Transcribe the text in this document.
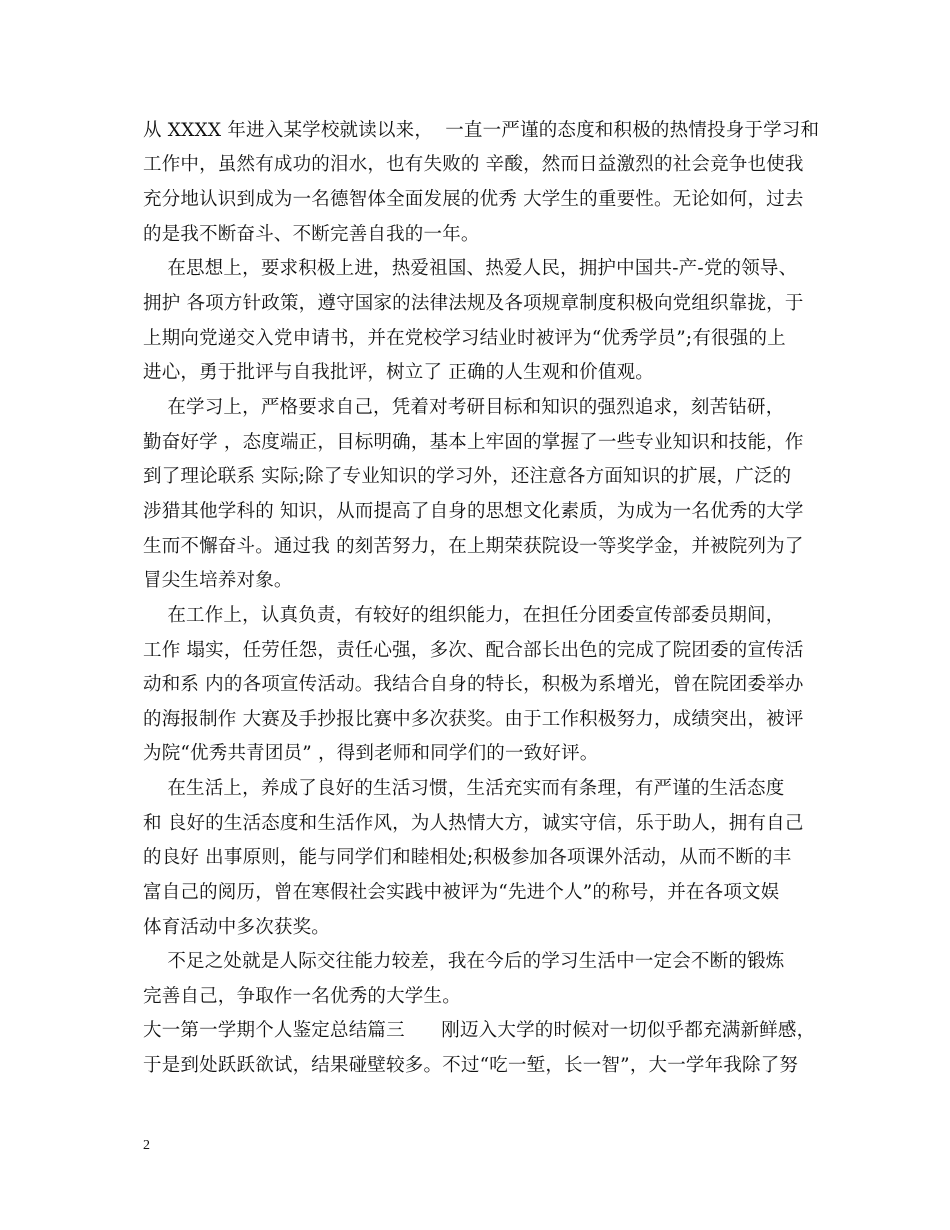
从 XXXX 年进入某学校就读以来，  一直一严谨的态度和积极的热情投身于学习和
工作中，虽然有成功的泪水，也有失败的 辛酸，然而日益激烈的社会竞争也使我
充分地认识到成为一名德智体全面发展的优秀 大学生的重要性。无论如何，过去
的是我不断奋斗、不断完善自我的一年。
在思想上，要求积极上进，热爱祖国、热爱人民，拥护中国共-产-党的领导、
拥护 各项方针政策，遵守国家的法律法规及各项规章制度积极向党组织靠拢，于
上期向党递交入党申请书，并在党校学习结业时被评为“优秀学员”;有很强的上
进心，勇于批评与自我批评，树立了 正确的人生观和价值观。
在学习上，严格要求自己，凭着对考研目标和知识的强烈追求，刻苦钻研，
勤奋好学 ，态度端正，目标明确，基本上牢固的掌握了一些专业知识和技能，作
到了理论联系 实际;除了专业知识的学习外，还注意各方面知识的扩展，广泛的
涉猎其他学科的 知识，从而提高了自身的思想文化素质，为成为一名优秀的大学
生而不懈奋斗。通过我 的刻苦努力，在上期荣获院设一等奖学金，并被院列为了
冒尖生培养对象。
在工作上，认真负责，有较好的组织能力，在担任分团委宣传部委员期间，
工作 塌实，任劳任怨，责任心强，多次、配合部长出色的完成了院团委的宣传活
动和系 内的各项宣传活动。我结合自身的特长，积极为系增光，曾在院团委举办
的海报制作 大赛及手抄报比赛中多次获奖。由于工作积极努力，成绩突出，被评
为院“优秀共青团员” ，得到老师和同学们的一致好评。
在生活上，养成了良好的生活习惯，生活充实而有条理，有严谨的生活态度
和 良好的生活态度和生活作风，为人热情大方，诚实守信，乐于助人，拥有自己
的良好 出事原则，能与同学们和睦相处;积极参加各项课外活动，从而不断的丰
富自己的阅历，曾在寒假社会实践中被评为“先进个人”的称号，并在各项文娱
体育活动中多次获奖。
不足之处就是人际交往能力较差，我在今后的学习生活中一定会不断的锻炼
完善自己，争取作一名优秀的大学生。
大一第一学期个人鉴定总结篇三      刚迈入大学的时候对一切似乎都充满新鲜感，
于是到处跃跃欲试，结果碰壁较多。不过“吃一堑，长一智”，大一学年我除了努
2
